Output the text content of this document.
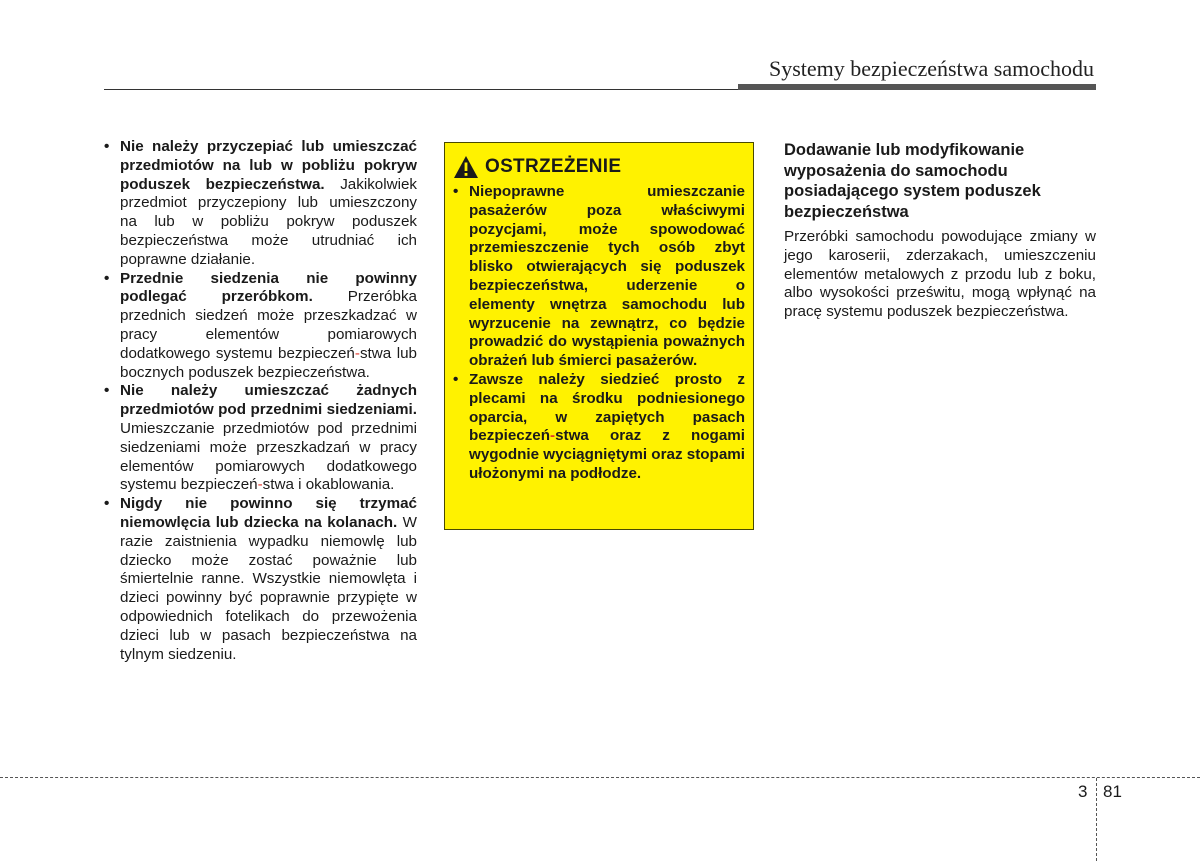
Systemy bezpieczeństwa samochodu
• Nie należy przyczepiać lub umieszczać przedmiotów na lub w pobliżu pokryw poduszek bezpieczeństwa. Jakikolwiek przedmiot przyczepiony lub umieszczony na lub w pobliżu pokryw poduszek bezpieczeństwa może utrudniać ich poprawne działanie.
• Przednie siedzenia nie powinny podlegać przeróbkom. Przeróbka przednich siedzeń może przeszkadzać w pracy elementów pomiarowych dodatkowego systemu bezpieczeń-stwa lub bocznych poduszek bezpieczeństwa.
• Nie należy umieszczać żadnych przedmiotów pod przednimi siedzeniami. Umieszczanie przedmiotów pod przednimi siedzeniami może przeszkadzań w pracy elementów pomiarowych dodatkowego systemu bezpieczeń-stwa i okablowania.
• Nigdy nie powinno się trzymać niemowlęcia lub dziecka na kolanach. W razie zaistnienia wypadku niemowlę lub dziecko może zostać poważnie lub śmiertelnie ranne. Wszystkie niemowlęta i dzieci powinny być poprawnie przypięte w odpowiednich fotelikach do przewożenia dzieci lub w pasach bezpieczeństwa na tylnym siedzeniu.
OSTRZEŻENIE
• Niepoprawne umieszczanie pasażerów poza właściwymi pozycjami, może spowodować przemieszczenie tych osób zbyt blisko otwierających się poduszek bezpieczeństwa, uderzenie o elementy wnętrza samochodu lub wyrzucenie na zewnątrz, co będzie prowadzić do wystąpienia poważnych obrażeń lub śmierci pasażerów.
• Zawsze należy siedzieć prosto z plecami na środku podniesionego oparcia, w zapiętych pasach bezpieczeń-stwa oraz z nogami wygodnie wyciągniętymi oraz stopami ułożonymi na podłodze.
Dodawanie lub modyfikowanie wyposażenia do samochodu posiadającego system poduszek bezpieczeństwa

Przeróbki samochodu powodujące zmiany w jego karoserii, zderzakach, umieszczeniu elementów metalowych z przodu lub z boku, albo wysokości prześwitu, mogą wpłynąć na pracę systemu poduszek bezpieczeństwa.

3 81
